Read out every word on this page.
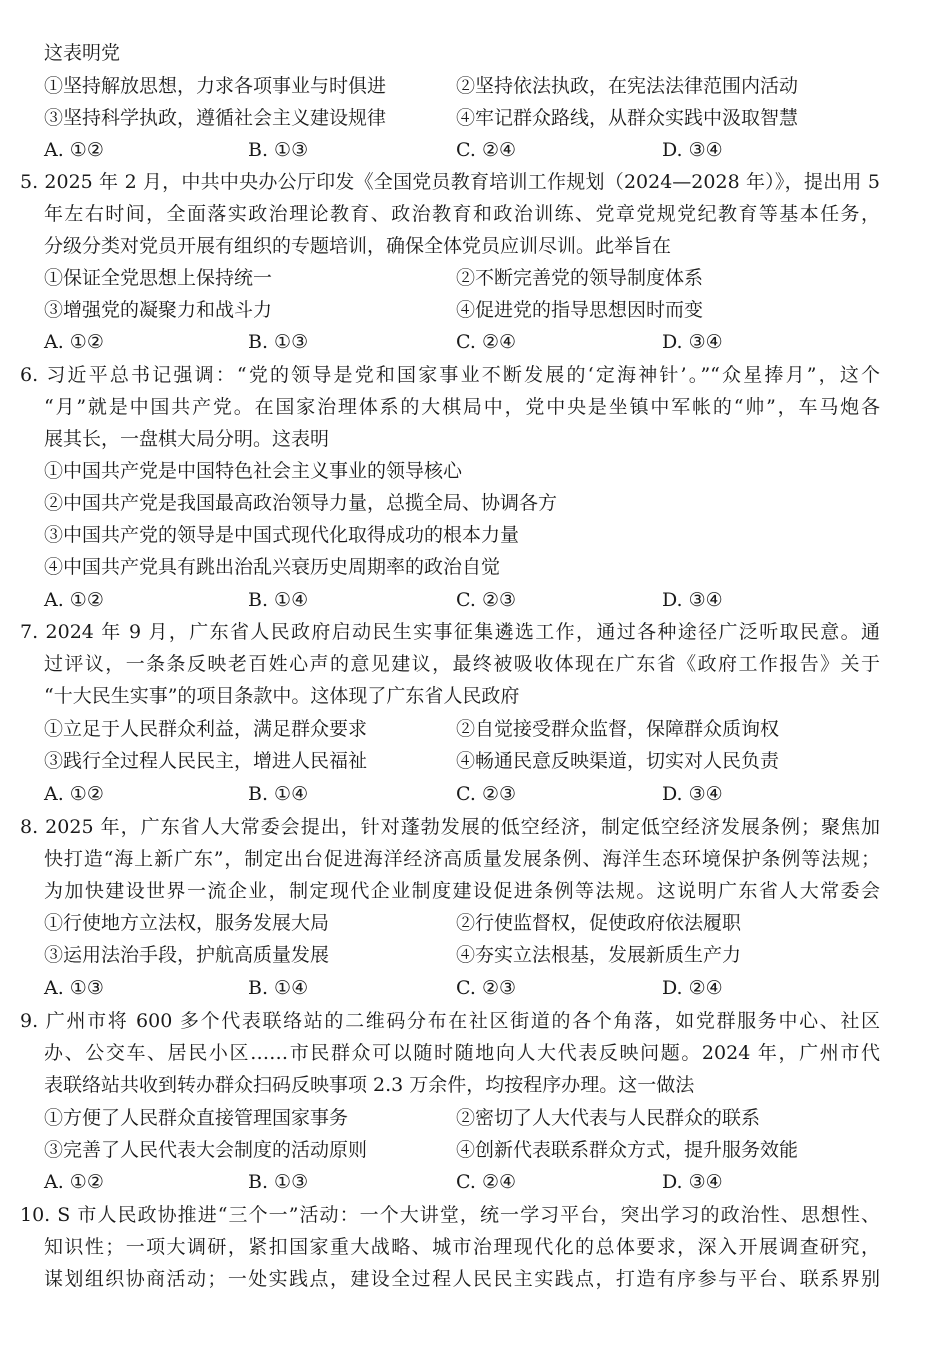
这表明党
①坚持解放思想，力求各项事业与时俱进	②坚持依法执政，在宪法法律范围内活动
③坚持科学执政，遵循社会主义建设规律	④牢记群众路线，从群众实践中汲取智慧
A. ①②	B. ①③	C. ②④	D. ③④
5. 2025 年 2 月，中共中央办公厅印发《全国党员教育培训工作规划（2024—2028 年）》，提出用 5
年左右时间，全面落实政治理论教育、政治教育和政治训练、党章党规党纪教育等基本任务，
分级分类对党员开展有组织的专题培训，确保全体党员应训尽训。此举旨在
①保证全党思想上保持统一	②不断完善党的领导制度体系
③增强党的凝聚力和战斗力	④促进党的指导思想因时而变
A. ①②	B. ①③	C. ②④	D. ③④
6. 习近平总书记强调：“党的领导是党和国家事业不断发展的‘定海神针’。”“众星捧月”，这个
“月”就是中国共产党。在国家治理体系的大棋局中，党中央是坐镇中军帐的“帅”，车马炮各
展其长，一盘棋大局分明。这表明
①中国共产党是中国特色社会主义事业的领导核心
②中国共产党是我国最高政治领导力量，总揽全局、协调各方
③中国共产党的领导是中国式现代化取得成功的根本力量
④中国共产党具有跳出治乱兴衰历史周期率的政治自觉
A. ①②	B. ①④	C. ②③	D. ③④
7. 2024 年 9 月，广东省人民政府启动民生实事征集遴选工作，通过各种途径广泛听取民意。通
过评议，一条条反映老百姓心声的意见建议，最终被吸收体现在广东省《政府工作报告》关于
“十大民生实事”的项目条款中。这体现了广东省人民政府
①立足于人民群众利益，满足群众要求	②自觉接受群众监督，保障群众质询权
③践行全过程人民民主，增进人民福祉	④畅通民意反映渠道，切实对人民负责
A. ①②	B. ①④	C. ②③	D. ③④
8. 2025 年，广东省人大常委会提出，针对蓬勃发展的低空经济，制定低空经济发展条例；聚焦加
快打造“海上新广东”，制定出台促进海洋经济高质量发展条例、海洋生态环境保护条例等法规；
为加快建设世界一流企业，制定现代企业制度建设促进条例等法规。这说明广东省人大常委会
①行使地方立法权，服务发展大局	②行使监督权，促使政府依法履职
③运用法治手段，护航高质量发展	④夯实立法根基，发展新质生产力
A. ①③	B. ①④	C. ②③	D. ②④
9. 广州市将 600 多个代表联络站的二维码分布在社区街道的各个角落，如党群服务中心、社区
办、公交车、居民小区……市民群众可以随时随地向人大代表反映问题。2024 年，广州市代
表联络站共收到转办群众扫码反映事项 2.3 万余件，均按程序办理。这一做法
①方便了人民群众直接管理国家事务	②密切了人大代表与人民群众的联系
③完善了人民代表大会制度的活动原则	④创新代表联系群众方式，提升服务效能
A. ①②	B. ①③	C. ②④	D. ③④
10. S 市人民政协推进“三个一”活动：一个大讲堂，统一学习平台，突出学习的政治性、思想性、
知识性；一项大调研，紧扣国家重大战略、城市治理现代化的总体要求，深入开展调查研究，
谋划组织协商活动；一处实践点，建设全过程人民民主实践点，打造有序参与平台、联系界别
